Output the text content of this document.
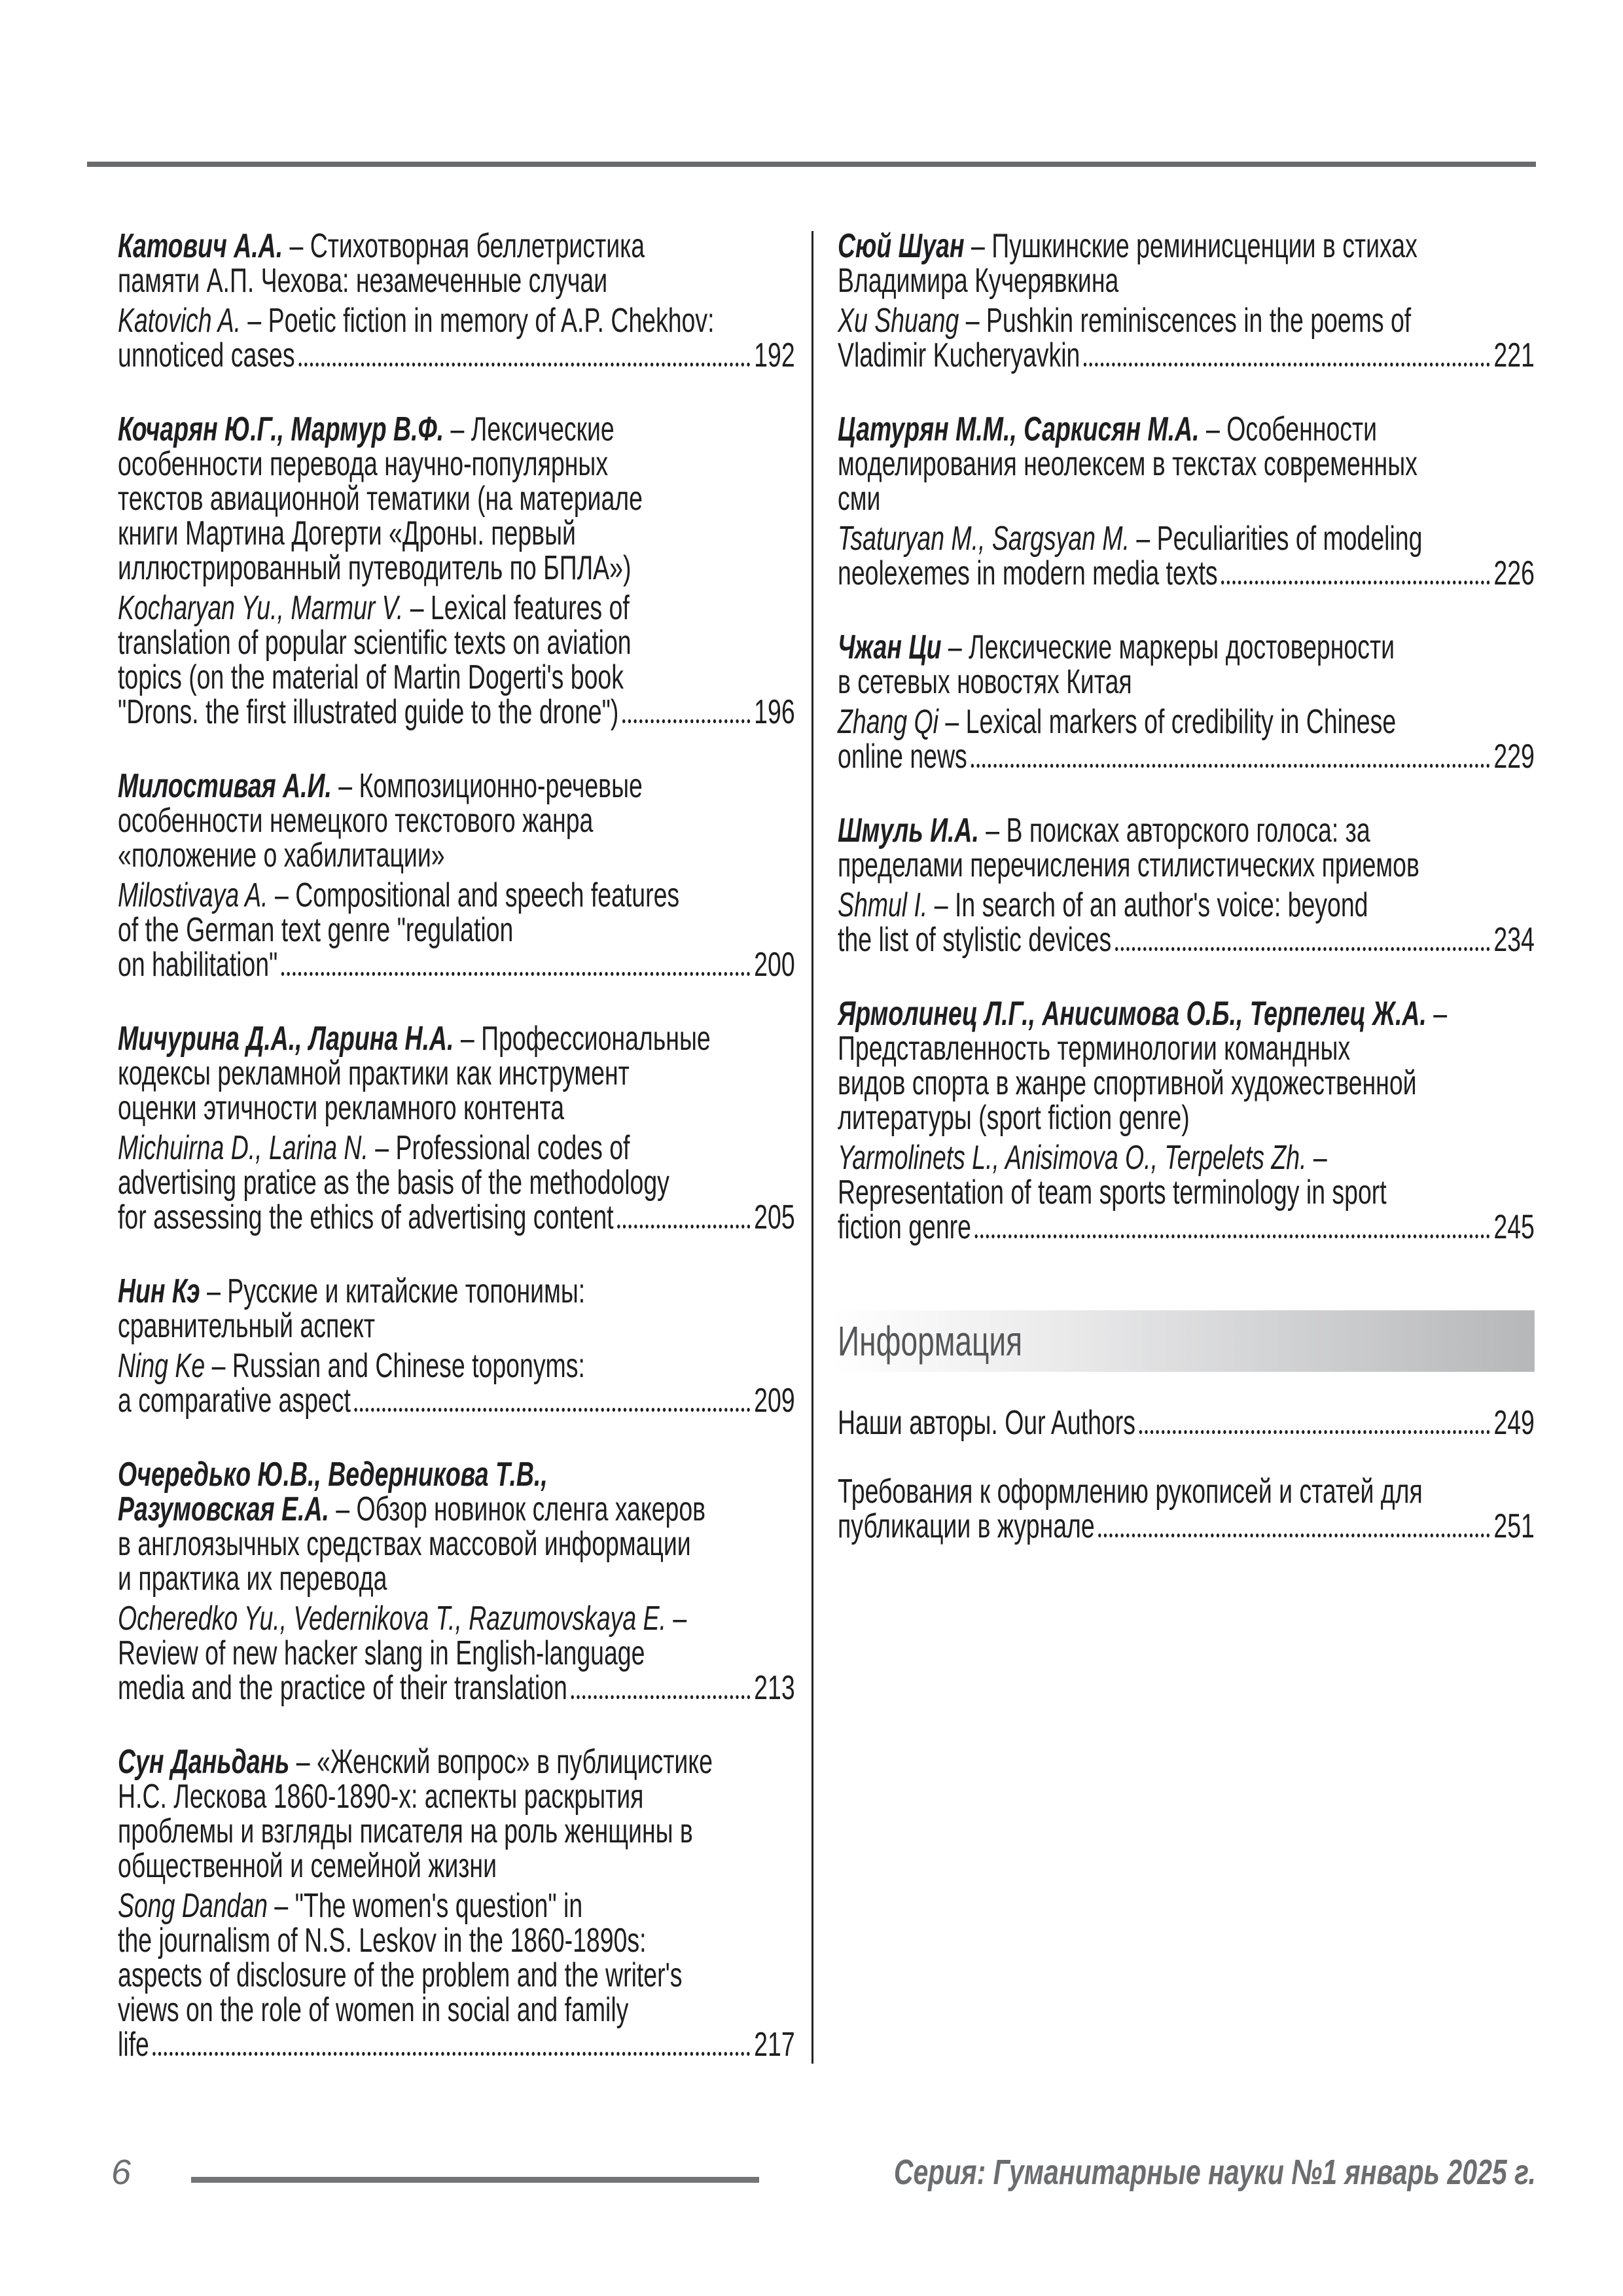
Катович А.А. – Стихотворная беллетристика
памяти А.П. Чехова: незамеченные случаи
Katovich A. – Poetic fiction in memory of A.P. Chekhov:
unnoticed cases	192
Кочарян Ю.Г., Мармур В.Ф. – Лексические
особенности перевода научно-популярных
текстов авиационной тематики (на материале
книги Мартина Догерти «Дроны. первый
иллюстрированный путеводитель по БПЛА»)
Kocharyan Yu., Marmur V. – Lexical features of
translation of popular scientific texts on aviation
topics (on the material of Martin Dogerti's book
"Drons. the first illustrated guide to the drone")	196
Милостивая А.И. – Композиционно-речевые
особенности немецкого текстового жанра
«положение о хабилитации»
Milostivaya A. – Compositional and speech features
of the German text genre "regulation
on habilitation"	200
Мичурина Д.А., Ларина Н.А. – Профессиональные
кодексы рекламной практики как инструмент
оценки этичности рекламного контента
Michuirna D., Larina N. – Professional codes of
advertising pratice as the basis of the methodology
for assessing the ethics of advertising content	205
Нин Кэ – Русские и китайские топонимы:
сравнительный аспект
Ning Ke – Russian and Chinese toponyms:
a comparative aspect	209
Очередько Ю.В., Ведерникова Т.В.,
Разумовская Е.А. – Обзор новинок сленга хакеров
в англоязычных средствах массовой информации
и практика их перевода
Ocheredko Yu., Vedernikova T., Razumovskaya E. –
Review of new hacker slang in English-language
media and the practice of their translation	213
Сун Даньдань – «Женский вопрос» в публицистике
Н.С. Лескова 1860-1890-х: аспекты раскрытия
проблемы и взгляды писателя на роль женщины в
общественной и семейной жизни
Song Dandan – "The women's question" in
the journalism of N.S. Leskov in the 1860-1890s:
aspects of disclosure of the problem and the writer's
views on the role of women in social and family
life	217
Сюй Шуан – Пушкинские реминисценции в стихах
Владимира Кучерявкина
Xu Shuang – Pushkin reminiscences in the poems of
Vladimir Kucheryavkin	221
Цатурян М.М., Саркисян М.А. – Особенности
моделирования неолексем в текстах современных
сми
Tsaturyan M., Sargsyan M. – Peculiarities of modeling
neolexemes in modern media texts	226
Чжан Ци – Лексические маркеры достоверности
в сетевых новостях Китая
Zhang Qi – Lexical markers of credibility in Chinese
online news	229
Шмуль И.А. – В поисках авторского голоса: за
пределами перечисления стилистических приемов
Shmul I. – In search of an author's voice: beyond
the list of stylistic devices	234
Ярмолинец Л.Г., Анисимова О.Б., Терпелец Ж.А. –
Представленность терминологии командных
видов спорта в жанре спортивной художественной
литературы (sport fiction genre)
Yarmolinets L., Anisimova O., Terpelets Zh. –
Representation of team sports terminology in sport
fiction genre	245
Информация
Наши авторы. Our Authors	249
Требования к оформлению рукописей и статей для
публикации в журнале	251
6	Серия: Гуманитарные науки №1 январь 2025 г.
